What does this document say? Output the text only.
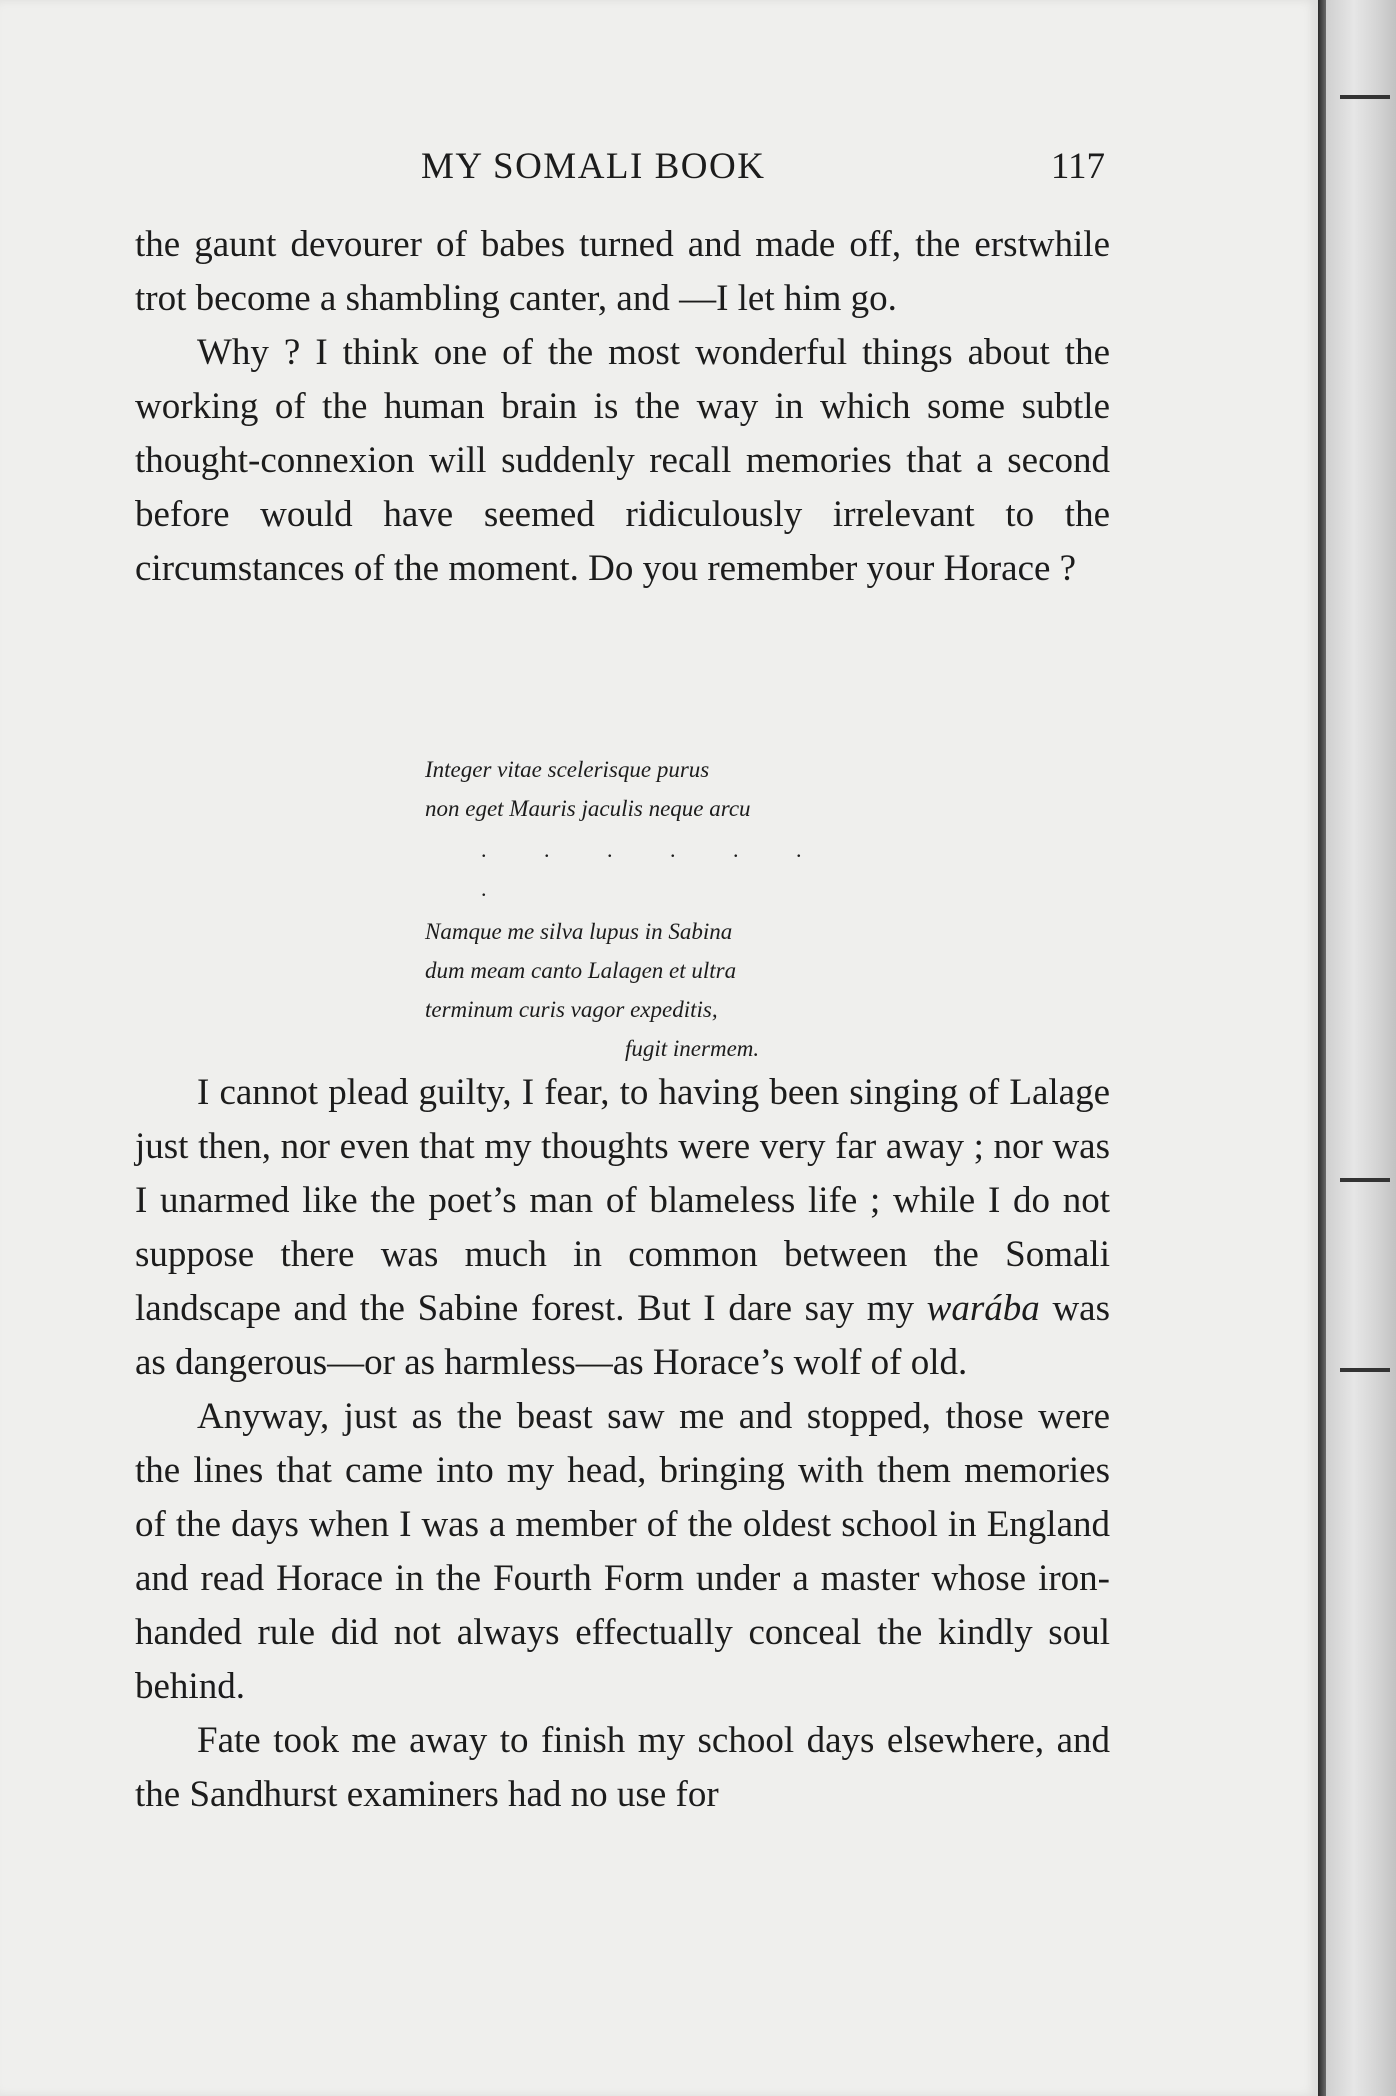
MY SOMALI BOOK	117

the gaunt devourer of babes turned and made off, the erstwhile trot become a shambling canter, and —I let him go.

Why ? I think one of the most wonderful things about the working of the human brain is the way in which some subtle thought-connexion will suddenly recall memories that a second before would have seemed ridiculously irrelevant to the circumstances of the moment. Do you remember your Horace ?

Integer vitae scelerisque purus
non eget Mauris jaculis neque arcu
. . . . . . .
Namque me silva lupus in Sabina
dum meam canto Lalagen et ultra
terminum curis vagor expeditis,
fugit inermem.

I cannot plead guilty, I fear, to having been singing of Lalage just then, nor even that my thoughts were very far away ; nor was I unarmed like the poet’s man of blameless life ; while I do not suppose there was much in common between the Somali landscape and the Sabine forest. But I dare say my warába was as dangerous—or as harmless—as Horace’s wolf of old.

Anyway, just as the beast saw me and stopped, those were the lines that came into my head, bringing with them memories of the days when I was a member of the oldest school in England and read Horace in the Fourth Form under a master whose iron-handed rule did not always effectually conceal the kindly soul behind.

Fate took me away to finish my school days elsewhere, and the Sandhurst examiners had no use for
